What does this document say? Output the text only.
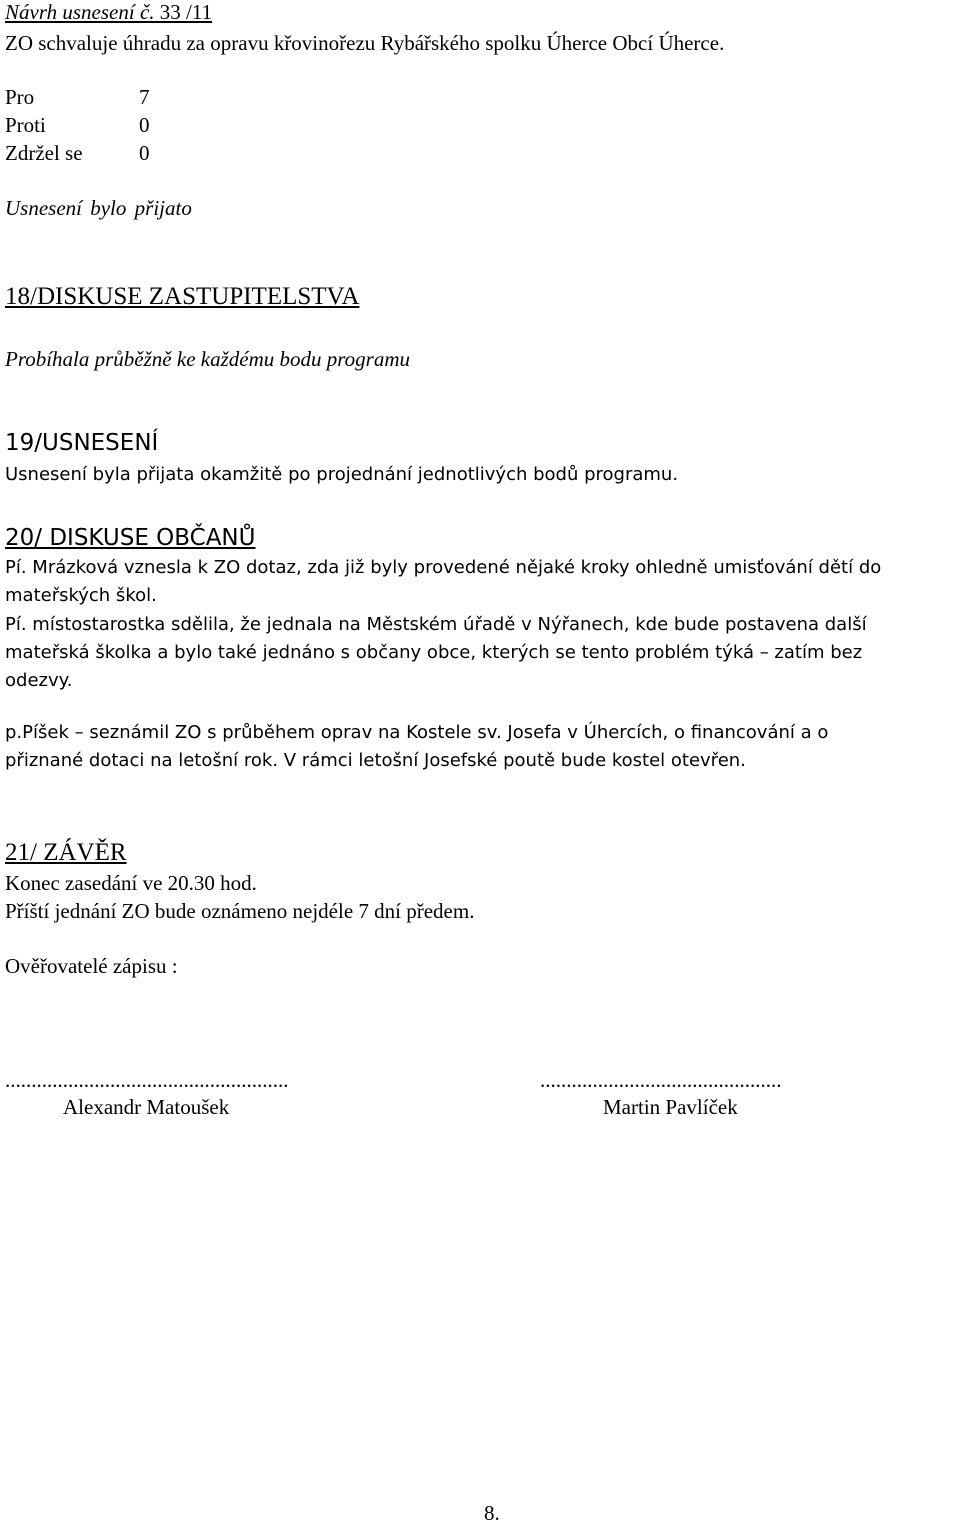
Návrh usnesení č. 33 /11
ZO schvaluje úhradu za opravu křovinořezu Rybářského spolku Úherce Obcí Úherce.
Pro	7
Proti	0
Zdržel se	0
Usnesení bylo přijato
18/DISKUSE ZASTUPITELSTVA
Probíhala průběžně ke každému bodu programu
19/USNESENÍ
Usnesení byla přijata okamžitě po projednání jednotlivých bodů programu.
20/ DISKUSE OBČANŮ
Pí. Mrázková vznesla k ZO dotaz, zda již byly provedené nějaké kroky ohledně umisťování dětí do
mateřských škol.
Pí. místostarostka sdělila, že jednala na Městském úřadě v Nýřanech, kde bude postavena další
mateřská školka a bylo také jednáno s občany obce, kterých se tento problém týká – zatím bez
odezvy.
p.Píšek – seznámil ZO s průběhem oprav na Kostele sv. Josefa v Úhercích, o financování a o
přiznané dotaci na letošní rok. V rámci letošní Josefské poutě bude kostel otevřen.
21/ ZÁVĚR
Konec zasedání ve 20.30 hod.
Příští jednání ZO bude oznámeno nejdéle 7 dní předem.
Ověřovatelé zápisu :
......................................................
Alexandr Matoušek
..............................................
Martin Pavlíček
8.
